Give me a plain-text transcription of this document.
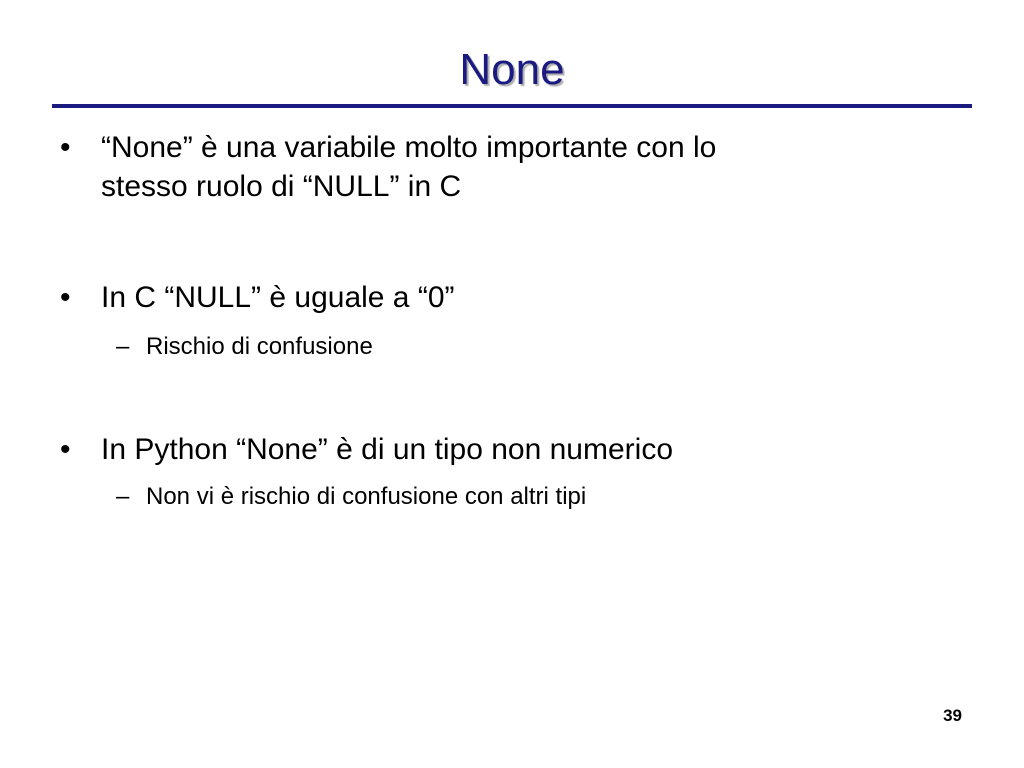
None
• “None” è una variabile molto importante con lo
stesso ruolo di “NULL” in C
• In C “NULL” è uguale a “0”
– Rischio di confusione
• In Python “None” è di un tipo non numerico
– Non vi è rischio di confusione con altri tipi
39
